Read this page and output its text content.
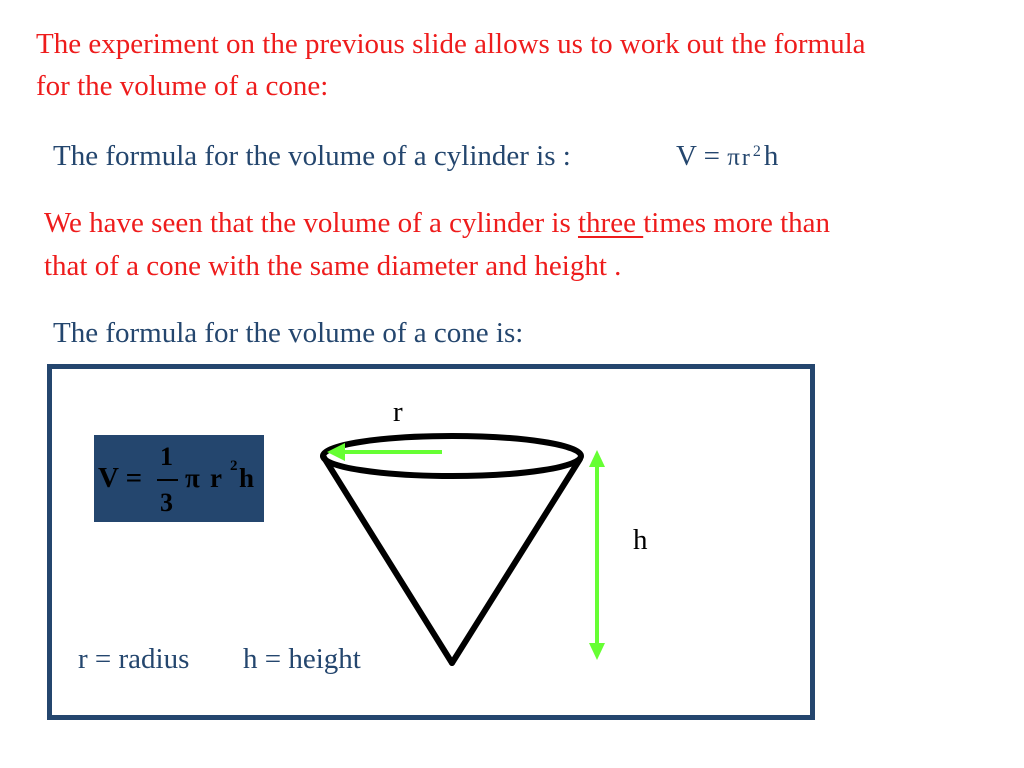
The experiment on the previous slide allows us to work out the formula

for the volume of a cone:

The formula for the volume of a cylinder is :	V = πr $^2$ h

We have seen that the volume of a cylinder is three times more than

that of a cone with the same diameter and height .

The formula for the volume of a cone is:

V =
1
3
π r 2 h

r

h

r = radius h = height
